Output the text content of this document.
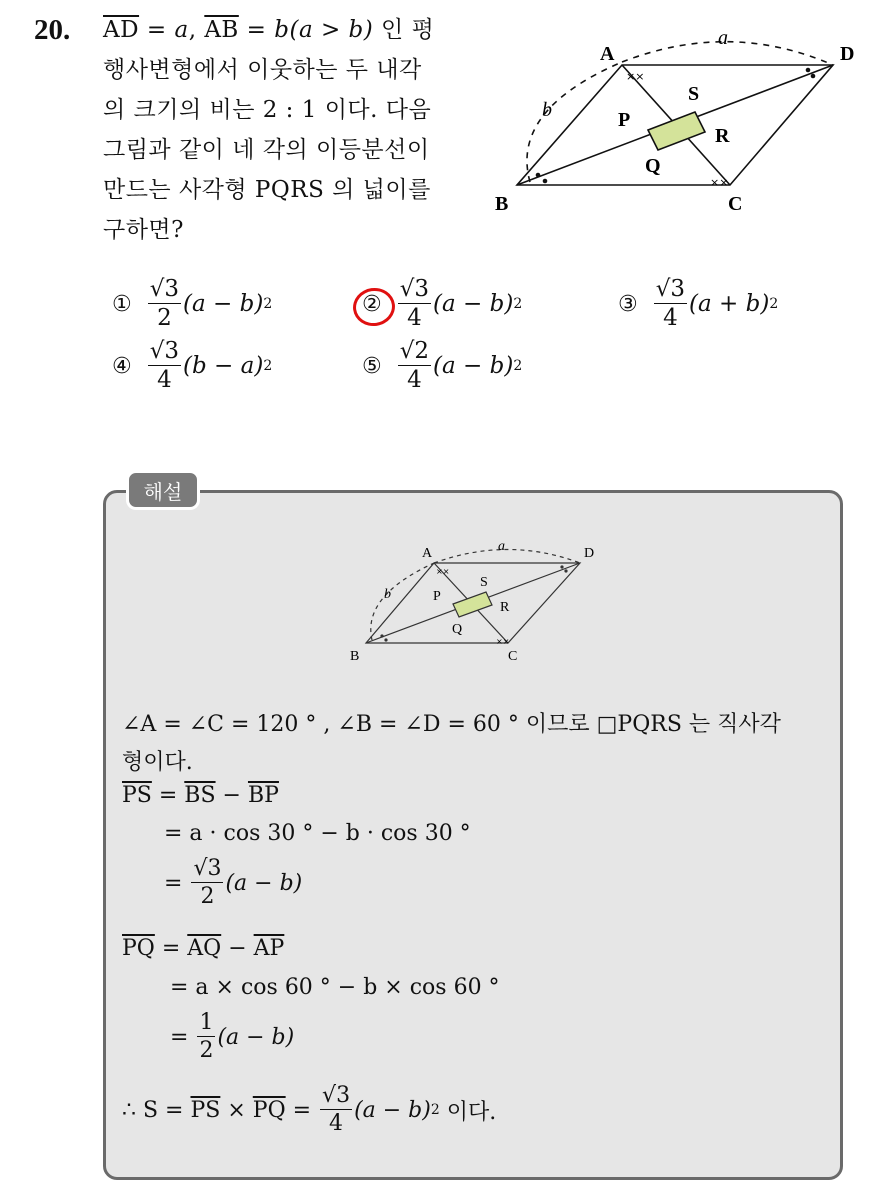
20. $\overline{AD} = a$, $\overline{AB} = b(a > b)$ 인 평
행사변형에서 이웃하는 두 내각
의 크기의 비는 2 : 1 이다. 다음
그림과 같이 네 각의 이등분선이
만드는 사각형 PQRS 의 넓이를
구하면?
××
××
A	D
B	C
P
Q
R
S
a
b
① $\frac{√3}{2} (a - b)$ 2	② $\frac{√3}{4} (a - b)$ 2	③ $\frac{√3}{4} (a + b)$ 2
④ $\frac{√3}{4} (b - a)$ 2	⑤ $\frac{√2}{4} (a - b)$ 2
해설
××
××
A	D
B	C
P
Q
R
S
a
b
∠A = ∠C = 120 ° , ∠B = ∠D = 60 ° 이므로 □PQRS 는 직사각
형이다.
$\overline{PS} = \overline{BS} - \overline{BP}$
= a · cos 30 ° − b · cos 30 °
= $\frac{√3}{2} (a - b)$
$\overline{PQ} = \overline{AQ} - \overline{AP}$
= a × cos 60 ° − b × cos 60 °
= $\frac{1}{2} (a - b)$
∴ $S = \overline{PS} \times \overline{PQ} = \frac{√3}{4} (a - b)$ 2 이다.
